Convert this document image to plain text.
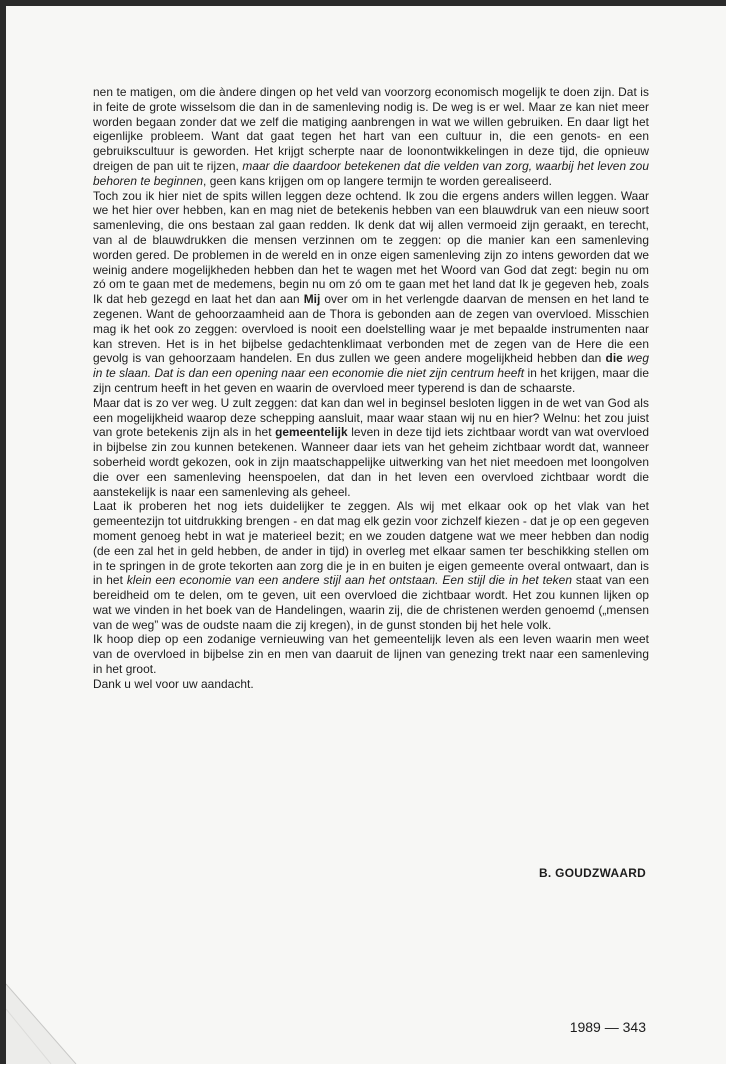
nen te matigen, om die àndere dingen op het veld van voorzorg economisch mogelijk te doen zijn. Dat is in feite de grote wisselsom die dan in de samenleving nodig is. De weg is er wel. Maar ze kan niet meer worden begaan zonder dat we zelf die matiging aanbrengen in wat we willen gebruiken. En daar ligt het eigenlijke probleem. Want dat gaat tegen het hart van een cultuur in, die een genots- en een gebruikscultuur is geworden. Het krijgt scherpte naar de loonontwikkelingen in deze tijd, die opnieuw dreigen de pan uit te rijzen, maar die daardoor betekenen dat die velden van zorg, waarbij het leven zou behoren te beginnen, geen kans krijgen om op langere termijn te worden gerealiseerd.

Toch zou ik hier niet de spits willen leggen deze ochtend. Ik zou die ergens anders willen leggen. Waar we het hier over hebben, kan en mag niet de betekenis hebben van een blauwdruk van een nieuw soort samenleving, die ons bestaan zal gaan redden. Ik denk dat wij allen vermoeid zijn geraakt, en terecht, van al de blauwdrukken die mensen verzinnen om te zeggen: op die manier kan een samenleving worden gered. De problemen in de wereld en in onze eigen samenleving zijn zo intens geworden dat we weinig andere mogelijkheden hebben dan het te wagen met het Woord van God dat zegt: begin nu om zó om te gaan met de medemens, begin nu om zó om te gaan met het land dat Ik je gegeven heb, zoals Ik dat heb gezegd en laat het dan aan Mij over om in het verlengde daarvan de mensen en het land te zegenen. Want de gehoorzaamheid aan de Thora is gebonden aan de zegen van overvloed. Misschien mag ik het ook zo zeggen: overvloed is nooit een doelstelling waar je met bepaalde instrumenten naar kan streven. Het is in het bijbelse gedachtenklimaat verbonden met de zegen van de Here die een gevolg is van gehoorzaam handelen. En dus zullen we geen andere mogelijkheid hebben dan die weg in te slaan. Dat is dan een opening naar een economie die niet zijn centrum heeft in het krijgen, maar die zijn centrum heeft in het geven en waarin de overvloed meer typerend is dan de schaarste.

Maar dat is zo ver weg. U zult zeggen: dat kan dan wel in beginsel besloten liggen in de wet van God als een mogelijkheid waarop deze schepping aansluit, maar waar staan wij nu en hier? Welnu: het zou juist van grote betekenis zijn als in het gemeentelijk leven in deze tijd iets zichtbaar wordt van wat overvloed in bijbelse zin zou kunnen betekenen. Wanneer daar iets van het geheim zichtbaar wordt dat, wanneer soberheid wordt gekozen, ook in zijn maatschappelijke uitwerking van het niet meedoen met loongolven die over een samenleving heenspoelen, dat dan in het leven een overvloed zichtbaar wordt die aanstekelijk is naar een samenleving als geheel.

Laat ik proberen het nog iets duidelijker te zeggen. Als wij met elkaar ook op het vlak van het gemeentezijn tot uitdrukking brengen - en dat mag elk gezin voor zichzelf kiezen - dat je op een gegeven moment genoeg hebt in wat je materieel bezit; en we zouden datgene wat we meer hebben dan nodig (de een zal het in geld hebben, de ander in tijd) in overleg met elkaar samen ter beschikking stellen om in te springen in de grote tekorten aan zorg die je in en buiten je eigen gemeente overal ontwaart, dan is in het klein een economie van een andere stijl aan het ontstaan. Een stijl die in het teken staat van een bereidheid om te delen, om te geven, uit een overvloed die zichtbaar wordt. Het zou kunnen lijken op wat we vinden in het boek van de Handelingen, waarin zij, die de christenen werden genoemd („mensen van de weg” was de oudste naam die zij kregen), in de gunst stonden bij het hele volk.

Ik hoop diep op een zodanige vernieuwing van het gemeentelijk leven als een leven waarin men weet van de overvloed in bijbelse zin en men van daaruit de lijnen van genezing trekt naar een samenleving in het groot.

Dank u wel voor uw aandacht.

B. GOUDZWAARD
1989 — 343
